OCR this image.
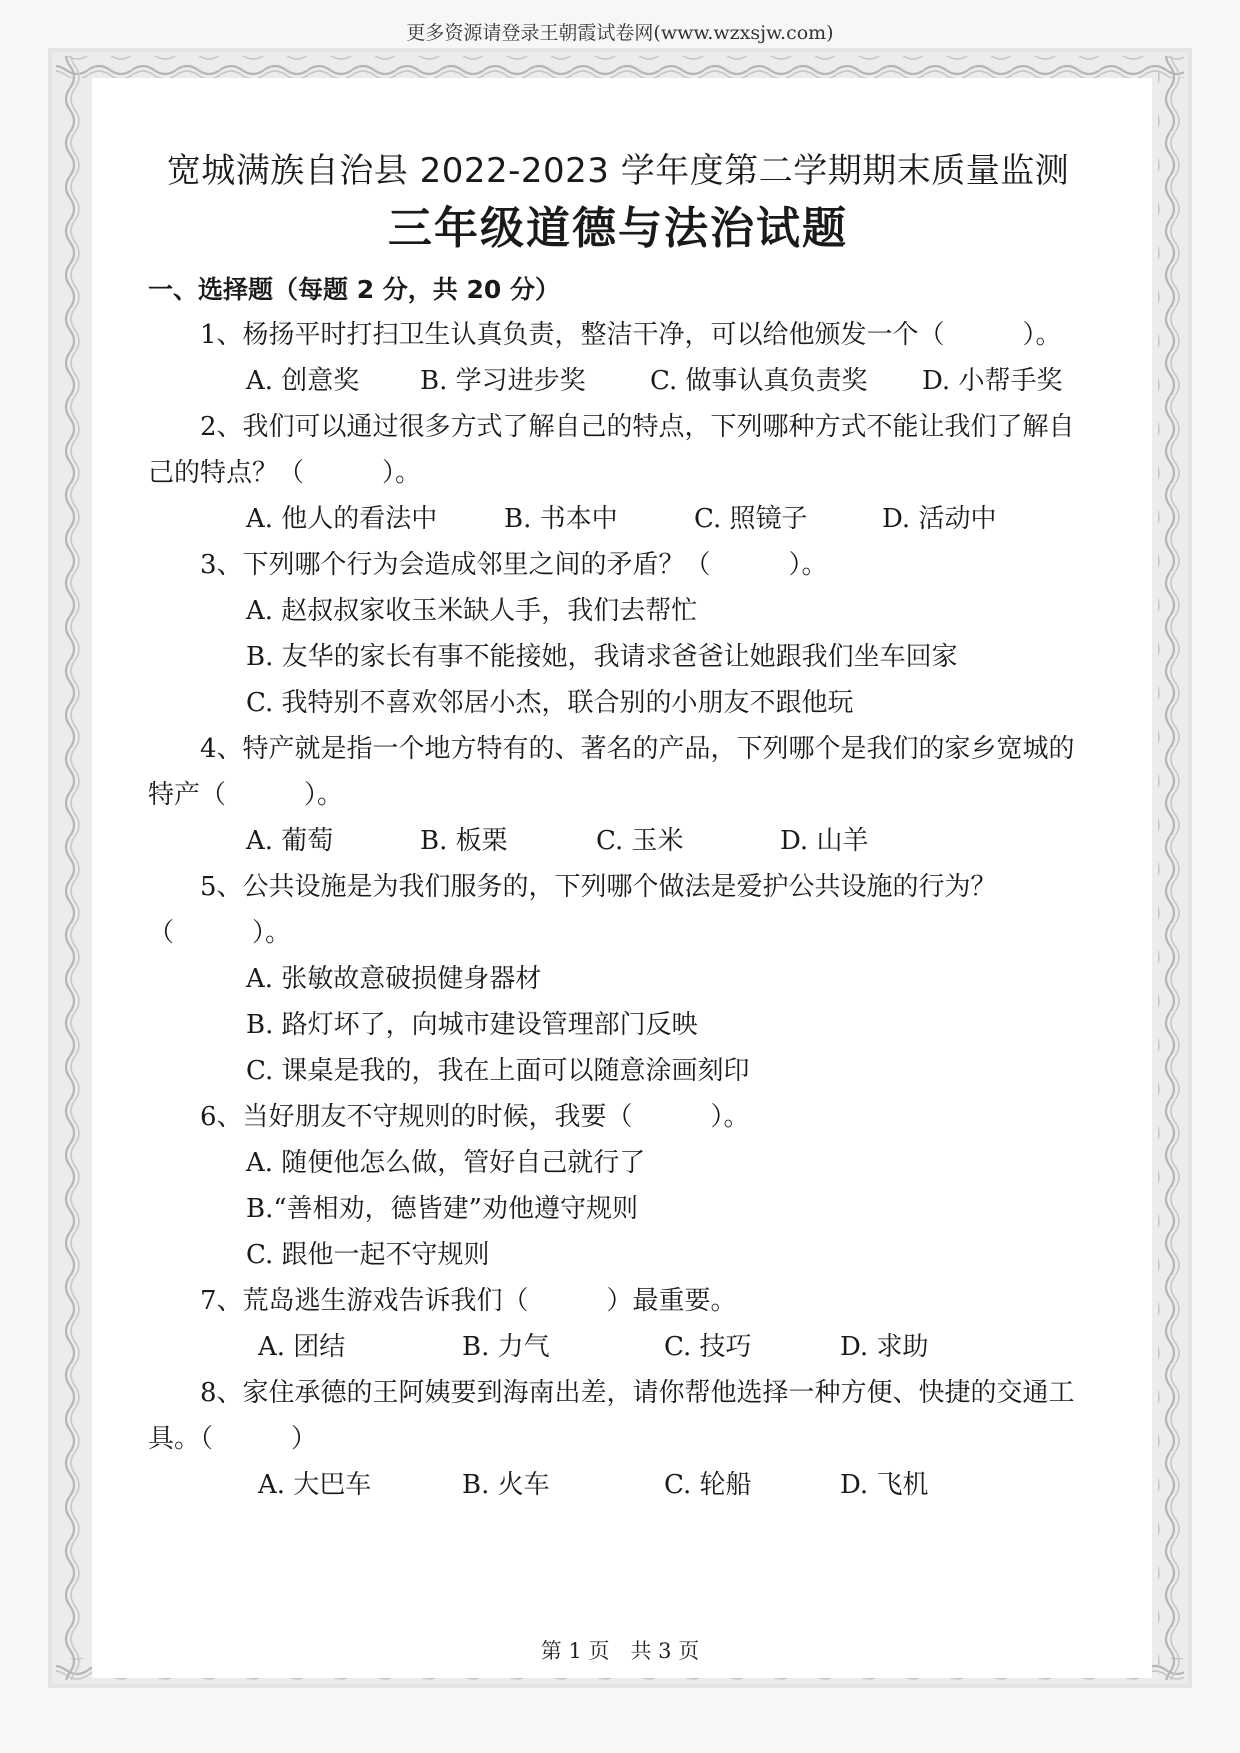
更多资源请登录王朝霞试卷网(www.wzxsjw.com)
宽城满族自治县 2022-2023 学年度第二学期期末质量监测
三年级道德与法治试题

一、选择题（每题 2 分，共 20 分）

1、杨扬平时打扫卫生认真负责，整洁干净，可以给他颁发一个（　　　）。

A. 创意奖	B. 学习进步奖	C. 做事认真负责奖	D. 小帮手奖

2、我们可以通过很多方式了解自己的特点，下列哪种方式不能让我们了解自己的特点？（　　　）。

A. 他人的看法中	B. 书本中	C. 照镜子	D. 活动中

3、下列哪个行为会造成邻里之间的矛盾？（　　　）。

A. 赵叔叔家收玉米缺人手，我们去帮忙
B. 友华的家长有事不能接她，我请求爸爸让她跟我们坐车回家
C. 我特别不喜欢邻居小杰，联合别的小朋友不跟他玩

4、特产就是指一个地方特有的、著名的产品，下列哪个是我们的家乡宽城的特产（　　　）。

A. 葡萄	B. 板栗	C. 玉米	D. 山羊

5、公共设施是为我们服务的，下列哪个做法是爱护公共设施的行为？（　　　）。

A. 张敏故意破损健身器材
B. 路灯坏了，向城市建设管理部门反映
C. 课桌是我的，我在上面可以随意涂画刻印

6、当好朋友不守规则的时候，我要（　　　）。

A. 随便他怎么做，管好自己就行了
B.“善相劝，德皆建”劝他遵守规则
C. 跟他一起不守规则

7、荒岛逃生游戏告诉我们（　　　）最重要。

A. 团结	B. 力气	C. 技巧	D. 求助

8、家住承德的王阿姨要到海南出差，请你帮他选择一种方便、快捷的交通工具。（　　　）

A. 大巴车	B. 火车	C. 轮船	D. 飞机
第 1 页　共 3 页
